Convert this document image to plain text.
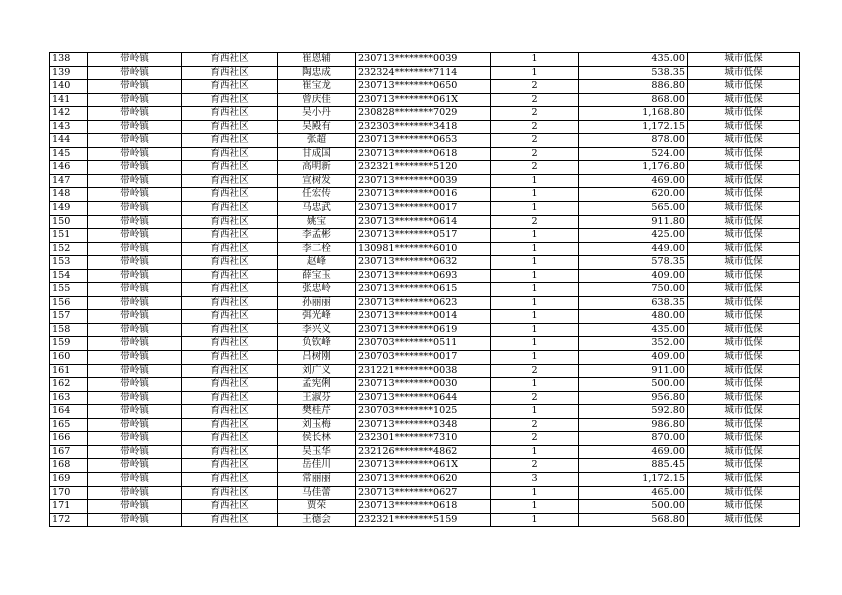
138	带岭镇	育西社区	崔恩辅	230713********0039	1	435.00	城市低保
139	带岭镇	育西社区	陶忠成	232324********7114	1	538.35	城市低保
140	带岭镇	育西社区	崔宝龙	230713********0650	2	886.80	城市低保
141	带岭镇	育西社区	曾庆佳	230713********061X	2	868.00	城市低保
142	带岭镇	育西社区	吴小丹	230828********7029	2	1,168.80	城市低保
143	带岭镇	育西社区	吴殿有	232303********3418	2	1,172.15	城市低保
144	带岭镇	育西社区	张超	230713********0653	2	878.00	城市低保
145	带岭镇	育西社区	甘成国	230713********0618	2	524.00	城市低保
146	带岭镇	育西社区	高明新	232321********5120	2	1,176.80	城市低保
147	带岭镇	育西社区	宣树发	230713********0039	1	469.00	城市低保
148	带岭镇	育西社区	任宏传	230713********0016	1	620.00	城市低保
149	带岭镇	育西社区	马忠武	230713********0017	1	565.00	城市低保
150	带岭镇	育西社区	姚宝	230713********0614	2	911.80	城市低保
151	带岭镇	育西社区	李孟彬	230713********0517	1	425.00	城市低保
152	带岭镇	育西社区	李二栓	130981********6010	1	449.00	城市低保
153	带岭镇	育西社区	赵峰	230713********0632	1	578.35	城市低保
154	带岭镇	育西社区	薛宝玉	230713********0693	1	409.00	城市低保
155	带岭镇	育西社区	张忠岭	230713********0615	1	750.00	城市低保
156	带岭镇	育西社区	孙丽丽	230713********0623	1	638.35	城市低保
157	带岭镇	育西社区	弭光峰	230713********0014	1	480.00	城市低保
158	带岭镇	育西社区	李兴义	230713********0619	1	435.00	城市低保
159	带岭镇	育西社区	负钦峰	230703********0511	1	352.00	城市低保
160	带岭镇	育西社区	吕树刚	230703********0017	1	409.00	城市低保
161	带岭镇	育西社区	刘广义	231221********0038	2	911.00	城市低保
162	带岭镇	育西社区	孟宪俐	230713********0030	1	500.00	城市低保
163	带岭镇	育西社区	王淑芬	230713********0644	2	956.80	城市低保
164	带岭镇	育西社区	樊桂芹	230703********1025	1	592.80	城市低保
165	带岭镇	育西社区	刘玉梅	230713********0348	2	986.80	城市低保
166	带岭镇	育西社区	侯长林	232301********7310	2	870.00	城市低保
167	带岭镇	育西社区	吴玉华	232126********4862	1	469.00	城市低保
168	带岭镇	育西社区	岳佳川	230713********061X	2	885.45	城市低保
169	带岭镇	育西社区	常丽丽	230713********0620	3	1,172.15	城市低保
170	带岭镇	育西社区	马佳蕾	230713********0627	1	465.00	城市低保
171	带岭镇	育西社区	贾荣	230713********0618	1	500.00	城市低保
172	带岭镇	育西社区	王德会	232321********5159	1	568.80	城市低保
